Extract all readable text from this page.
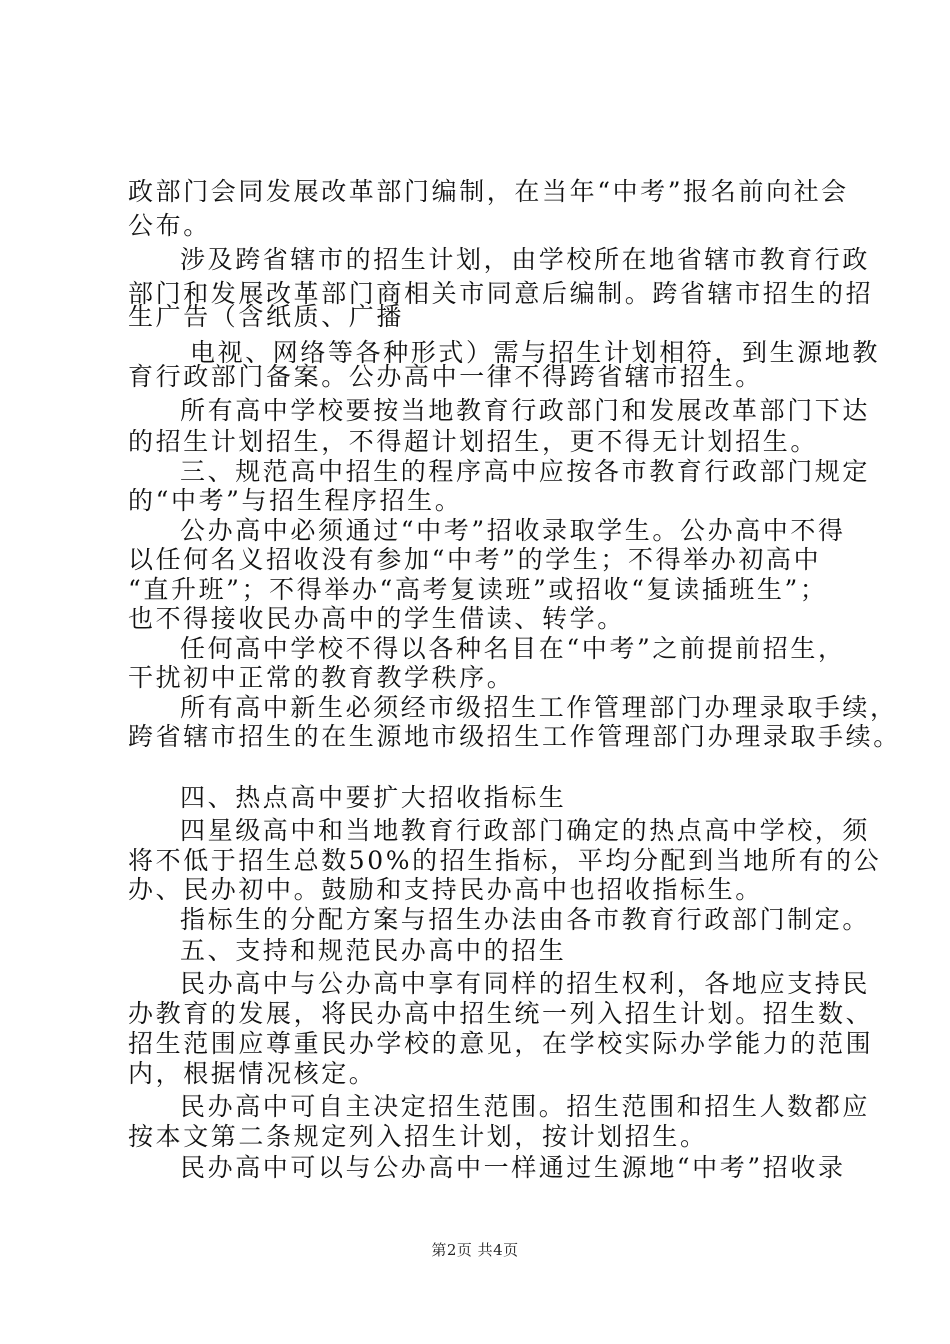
政部门会同发展改革部门编制，在当年“中考”报名前向社会
公布。
涉及跨省辖市的招生计划，由学校所在地省辖市教育行政
部门和发展改革部门商相关市同意后编制。跨省辖市招生的招
生广告（含纸质、广播
电视、网络等各种形式）需与招生计划相符，到生源地教
育行政部门备案。公办高中一律不得跨省辖市招生。
所有高中学校要按当地教育行政部门和发展改革部门下达
的招生计划招生，不得超计划招生，更不得无计划招生。
三、规范高中招生的程序高中应按各市教育行政部门规定
的“中考”与招生程序招生。
公办高中必须通过“中考”招收录取学生。公办高中不得
以任何名义招收没有参加“中考”的学生；不得举办初高中
“直升班”；不得举办“高考复读班”或招收“复读插班生”；
也不得接收民办高中的学生借读、转学。
任何高中学校不得以各种名目在“中考”之前提前招生，
干扰初中正常的教育教学秩序。
所有高中新生必须经市级招生工作管理部门办理录取手续，
跨省辖市招生的在生源地市级招生工作管理部门办理录取手续。
四、热点高中要扩大招收指标生
四星级高中和当地教育行政部门确定的热点高中学校，须
将不低于招生总数50%的招生指标，平均分配到当地所有的公
办、民办初中。鼓励和支持民办高中也招收指标生。
指标生的分配方案与招生办法由各市教育行政部门制定。
五、支持和规范民办高中的招生
民办高中与公办高中享有同样的招生权利，各地应支持民
办教育的发展，将民办高中招生统一列入招生计划。招生数、
招生范围应尊重民办学校的意见，在学校实际办学能力的范围
内，根据情况核定。
民办高中可自主决定招生范围。招生范围和招生人数都应
按本文第二条规定列入招生计划，按计划招生。
民办高中可以与公办高中一样通过生源地“中考”招收录
第2页 共4页
